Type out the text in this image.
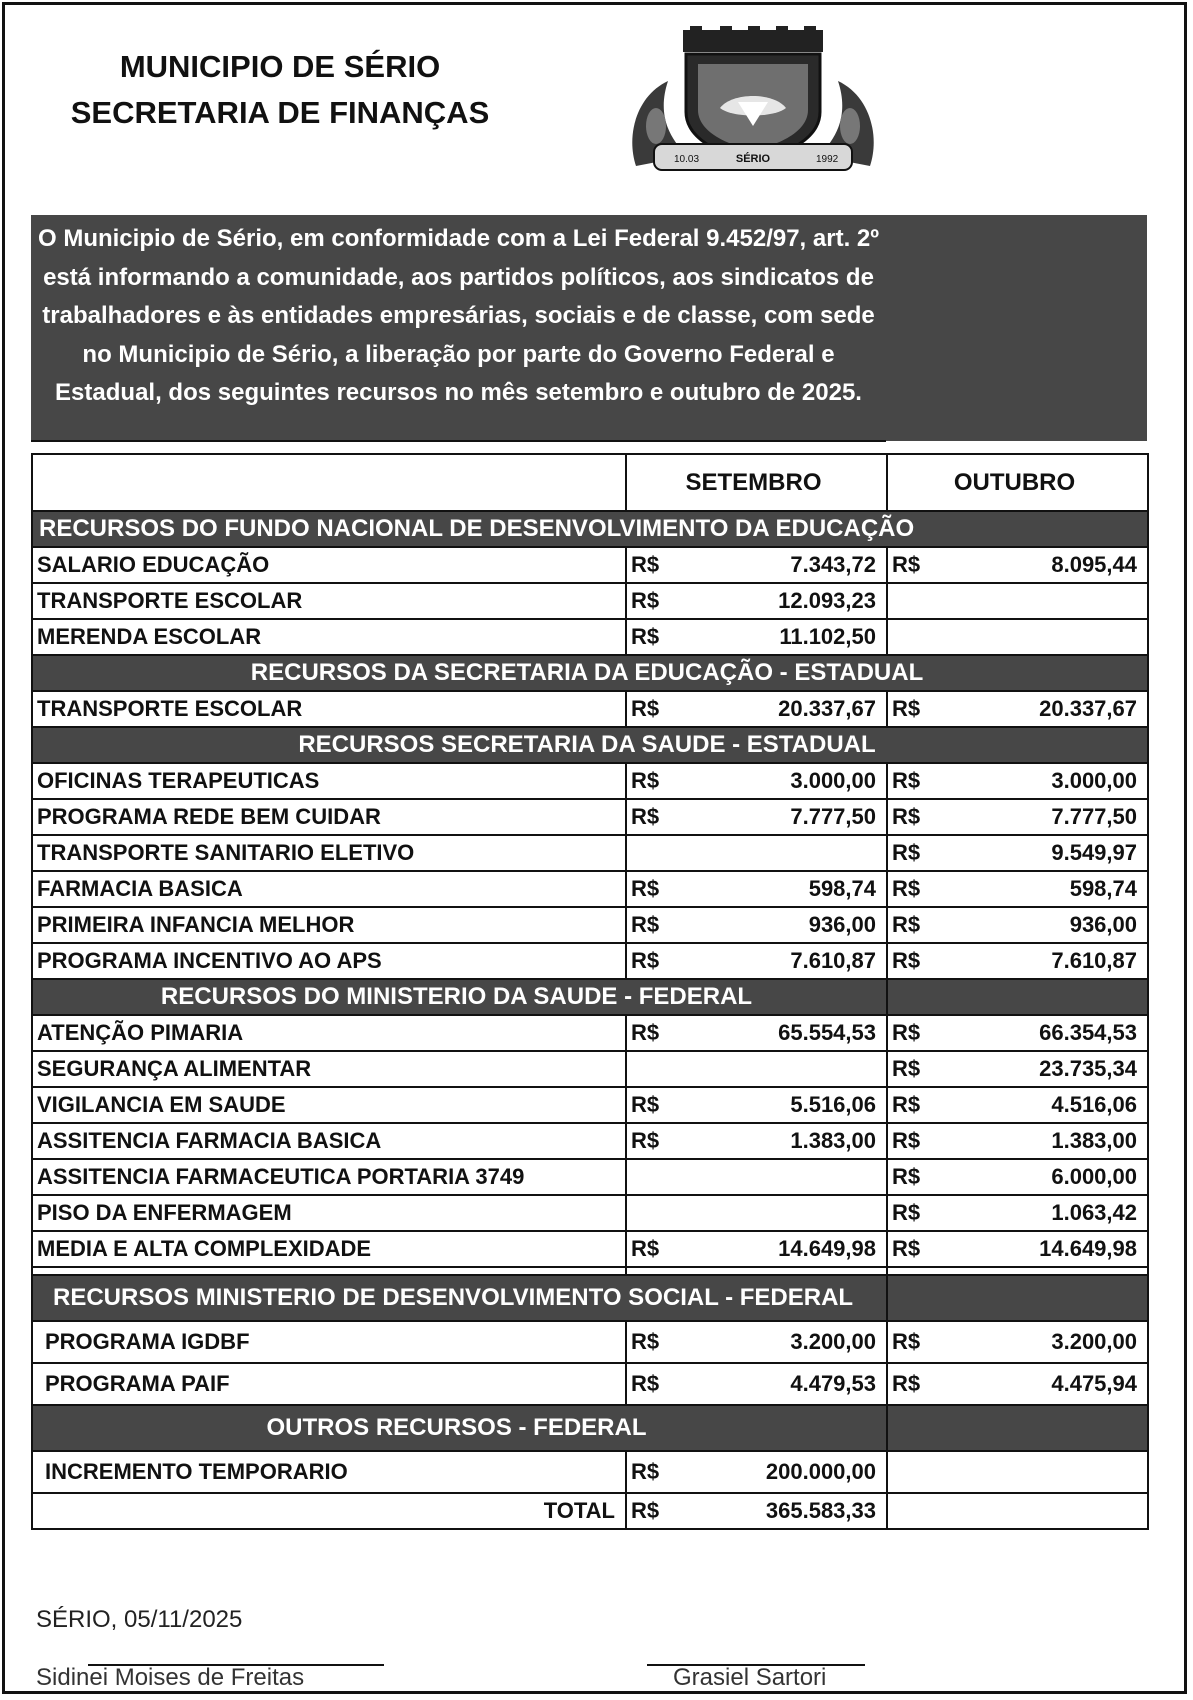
MUNICIPIO DE SÉRIO
SECRETARIA DE FINANÇAS
10.03	SÉRIO	1992
O Municipio de Sério, em conformidade com a Lei Federal 9.452/97, art. 2º está informando a comunidade, aos partidos políticos, aos sindicatos de trabalhadores e às entidades empresárias, sociais e de classe, com sede no Municipio de Sério, a liberação por parte do Governo Federal e Estadual, dos seguintes recursos no mês setembro e outubro de 2025.
	SETEMBRO	OUTUBRO
RECURSOS DO FUNDO NACIONAL DE DESENVOLVIMENTO DA EDUCAÇÃO		
SALARIO EDUCAÇÃO	R$ 7.343,72	R$ 8.095,44

TRANSPORTE ESCOLAR	R$ 12.093,23	

MERENDA ESCOLAR	R$ 11.102,50	

RECURSOS DA SECRETARIA DA EDUCAÇÃO - ESTADUAL		
TRANSPORTE ESCOLAR	R$ 20.337,67	R$ 20.337,67

RECURSOS SECRETARIA DA SAUDE - ESTADUAL		
OFICINAS TERAPEUTICAS	R$ 3.000,00	R$ 3.000,00

PROGRAMA REDE BEM CUIDAR	R$ 7.777,50	R$ 7.777,50

TRANSPORTE SANITARIO ELETIVO		R$ 9.549,97

FARMACIA BASICA	R$ 598,74	R$ 598,74

PRIMEIRA INFANCIA MELHOR	R$ 936,00	R$ 936,00

PROGRAMA INCENTIVO AO APS	R$ 7.610,87	R$ 7.610,87

RECURSOS DO MINISTERIO DA SAUDE - FEDERAL		
ATENÇÃO PIMARIA	R$ 65.554,53	R$ 66.354,53

SEGURANÇA ALIMENTAR		R$ 23.735,34

VIGILANCIA EM SAUDE	R$ 5.516,06	R$ 4.516,06

ASSITENCIA FARMACIA BASICA	R$ 1.383,00	R$ 1.383,00

ASSITENCIA FARMACEUTICA PORTARIA 3749		R$ 6.000,00

PISO DA ENFERMAGEM		R$ 1.063,42

MEDIA E ALTA COMPLEXIDADE	R$ 14.649,98	R$ 14.649,98

RECURSOS MINISTERIO DE DESENVOLVIMENTO SOCIAL - FEDERAL		
PROGRAMA IGDBF	R$ 3.200,00	R$ 3.200,00

PROGRAMA PAIF	R$ 4.479,53	R$ 4.475,94

OUTROS RECURSOS - FEDERAL		
INCREMENTO TEMPORARIO	R$ 200.000,00	

TOTAL	R$ 365.583,33	

SÉRIO, 05/11/2025
Sidinei Moises de Freitas	Grasiel Sartori
